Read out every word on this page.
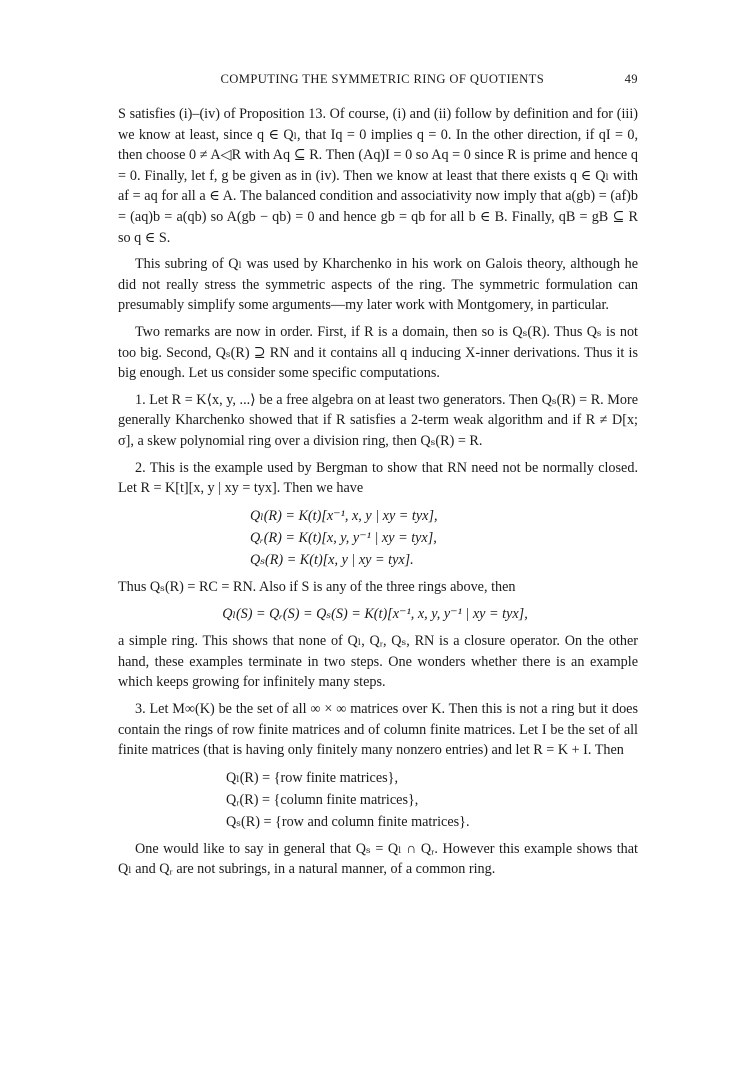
COMPUTING THE SYMMETRIC RING OF QUOTIENTS	49

S satisfies (i)–(iv) of Proposition 13. Of course, (i) and (ii) follow by definition and for (iii) we know at least, since q ∈ Qₗ, that Iq = 0 implies q = 0. In the other direction, if qI = 0, then choose 0 ≠ A◁R with Aq ⊆ R. Then (Aq)I = 0 so Aq = 0 since R is prime and hence q = 0. Finally, let f, g be given as in (iv). Then we know at least that there exists q ∈ Qₗ with af = aq for all a ∈ A. The balanced condition and associativity now imply that a(gb) = (af)b = (aq)b = a(qb) so A(gb − qb) = 0 and hence gb = qb for all b ∈ B. Finally, qB = gB ⊆ R so q ∈ S.

This subring of Qₗ was used by Kharchenko in his work on Galois theory, although he did not really stress the symmetric aspects of the ring. The symmetric formulation can presumably simplify some arguments—my later work with Montgomery, in particular.

Two remarks are now in order. First, if R is a domain, then so is Qₛ(R). Thus Qₛ is not too big. Second, Qₛ(R) ⊇ RN and it contains all q inducing X-inner derivations. Thus it is big enough. Let us consider some specific computations.

1. Let R = K⟨x, y, ...⟩ be a free algebra on at least two generators. Then Qₛ(R) = R. More generally Kharchenko showed that if R satisfies a 2-term weak algorithm and if R ≠ D[x; σ], a skew polynomial ring over a division ring, then Qₛ(R) = R.

2. This is the example used by Bergman to show that RN need not be normally closed. Let R = K[t][x, y | xy = tyx]. Then we have

Qₗ(R) = K(t)[x⁻¹, x, y | xy = tyx],
Qᵣ(R) = K(t)[x, y, y⁻¹ | xy = tyx],
Qₛ(R) = K(t)[x, y | xy = tyx].

Thus Qₛ(R) = RC = RN. Also if S is any of the three rings above, then

Qₗ(S) = Qᵣ(S) = Qₛ(S) = K(t)[x⁻¹, x, y, y⁻¹ | xy = tyx],

a simple ring. This shows that none of Qₗ, Qᵣ, Qₛ, RN is a closure operator. On the other hand, these examples terminate in two steps. One wonders whether there is an example which keeps growing for infinitely many steps.

3. Let M∞(K) be the set of all ∞ × ∞ matrices over K. Then this is not a ring but it does contain the rings of row finite matrices and of column finite matrices. Let I be the set of all finite matrices (that is having only finitely many nonzero entries) and let R = K + I. Then

Qₗ(R) = {row finite matrices},
Qᵣ(R) = {column finite matrices},
Qₛ(R) = {row and column finite matrices}.

One would like to say in general that Qₛ = Qₗ ∩ Qᵣ. However this example shows that Qₗ and Qᵣ are not subrings, in a natural manner, of a common ring.
